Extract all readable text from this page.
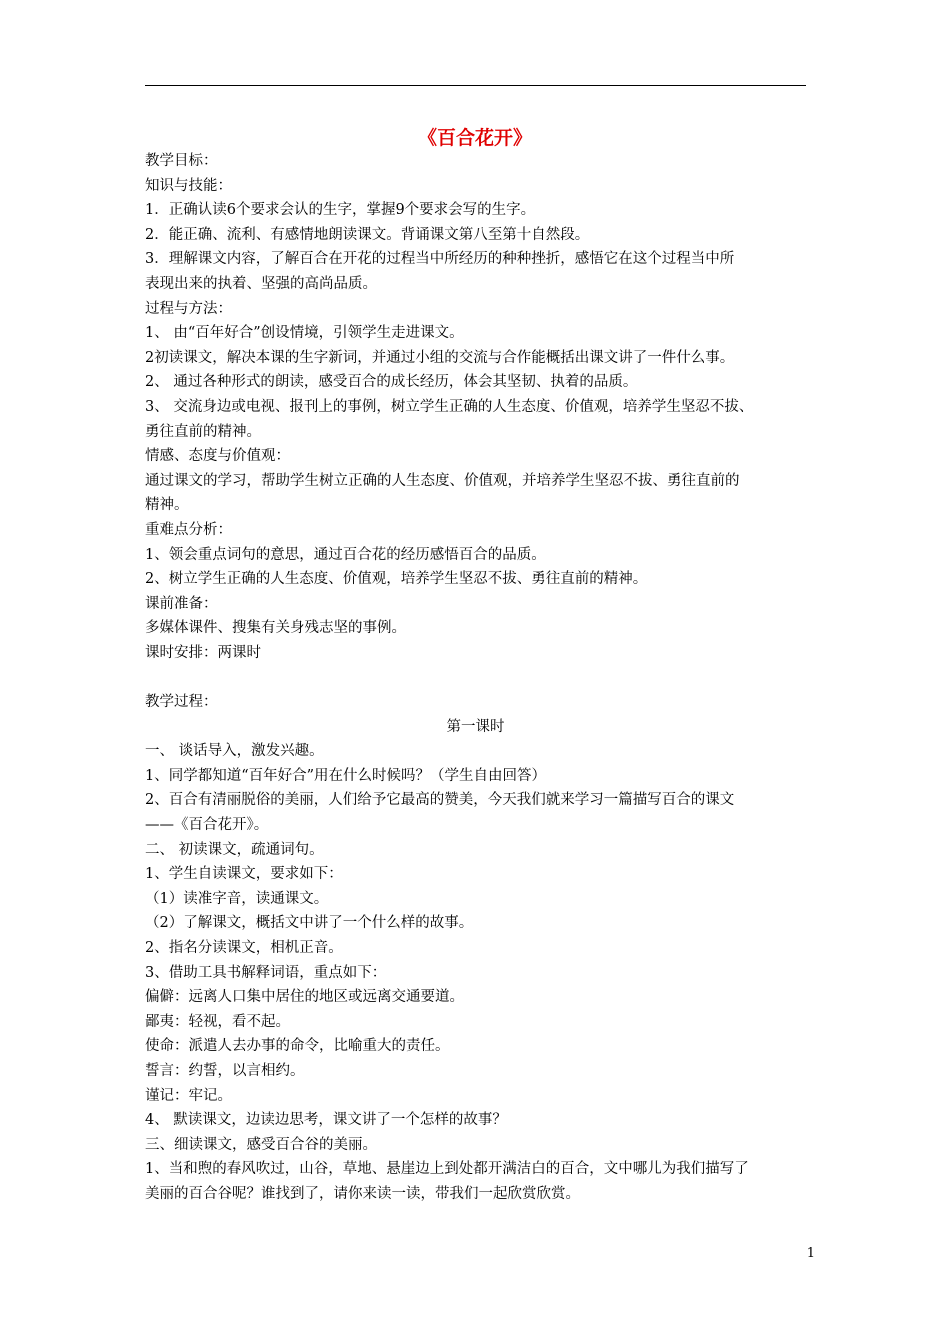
《百合花开》
教学目标：
知识与技能：
1．正确认读6个要求会认的生字，掌握9个要求会写的生字。
2．能正确、流利、有感情地朗读课文。背诵课文第八至第十自然段。
3．理解课文内容，了解百合在开花的过程当中所经历的种种挫折，感悟它在这个过程当中所
表现出来的执着、坚强的高尚品质。
过程与方法：
1、 由“百年好合”创设情境，引领学生走进课文。
2初读课文，解决本课的生字新词，并通过小组的交流与合作能概括出课文讲了一件什么事。
2、 通过各种形式的朗读，感受百合的成长经历，体会其坚韧、执着的品质。
3、 交流身边或电视、报刊上的事例，树立学生正确的人生态度、价值观，培养学生坚忍不拔、
勇往直前的精神。
情感、态度与价值观：
通过课文的学习，帮助学生树立正确的人生态度、价值观，并培养学生坚忍不拔、勇往直前的
精神。
重难点分析：
1、领会重点词句的意思，通过百合花的经历感悟百合的品质。
2、树立学生正确的人生态度、价值观，培养学生坚忍不拔、勇往直前的精神。
课前准备：
多媒体课件、搜集有关身残志坚的事例。
课时安排：两课时
教学过程：
第一课时
一、 谈话导入，激发兴趣。
1、同学都知道“百年好合”用在什么时候吗？（学生自由回答）
2、百合有清丽脱俗的美丽，人们给予它最高的赞美，今天我们就来学习一篇描写百合的课文
——《百合花开》。
二、 初读课文，疏通词句。
1、学生自读课文，要求如下：
（1）读准字音，读通课文。
（2）了解课文，概括文中讲了一个什么样的故事。
2、指名分读课文，相机正音。
3、借助工具书解释词语，重点如下：
偏僻：远离人口集中居住的地区或远离交通要道。
鄙夷：轻视，看不起。
使命：派遣人去办事的命令，比喻重大的责任。
誓言：约誓，以言相约。
谨记：牢记。
4、 默读课文，边读边思考，课文讲了一个怎样的故事？
三、细读课文，感受百合谷的美丽。
1、当和煦的春风吹过，山谷，草地、悬崖边上到处都开满洁白的百合，文中哪儿为我们描写了
美丽的百合谷呢？谁找到了，请你来读一读，带我们一起欣赏欣赏。
1
